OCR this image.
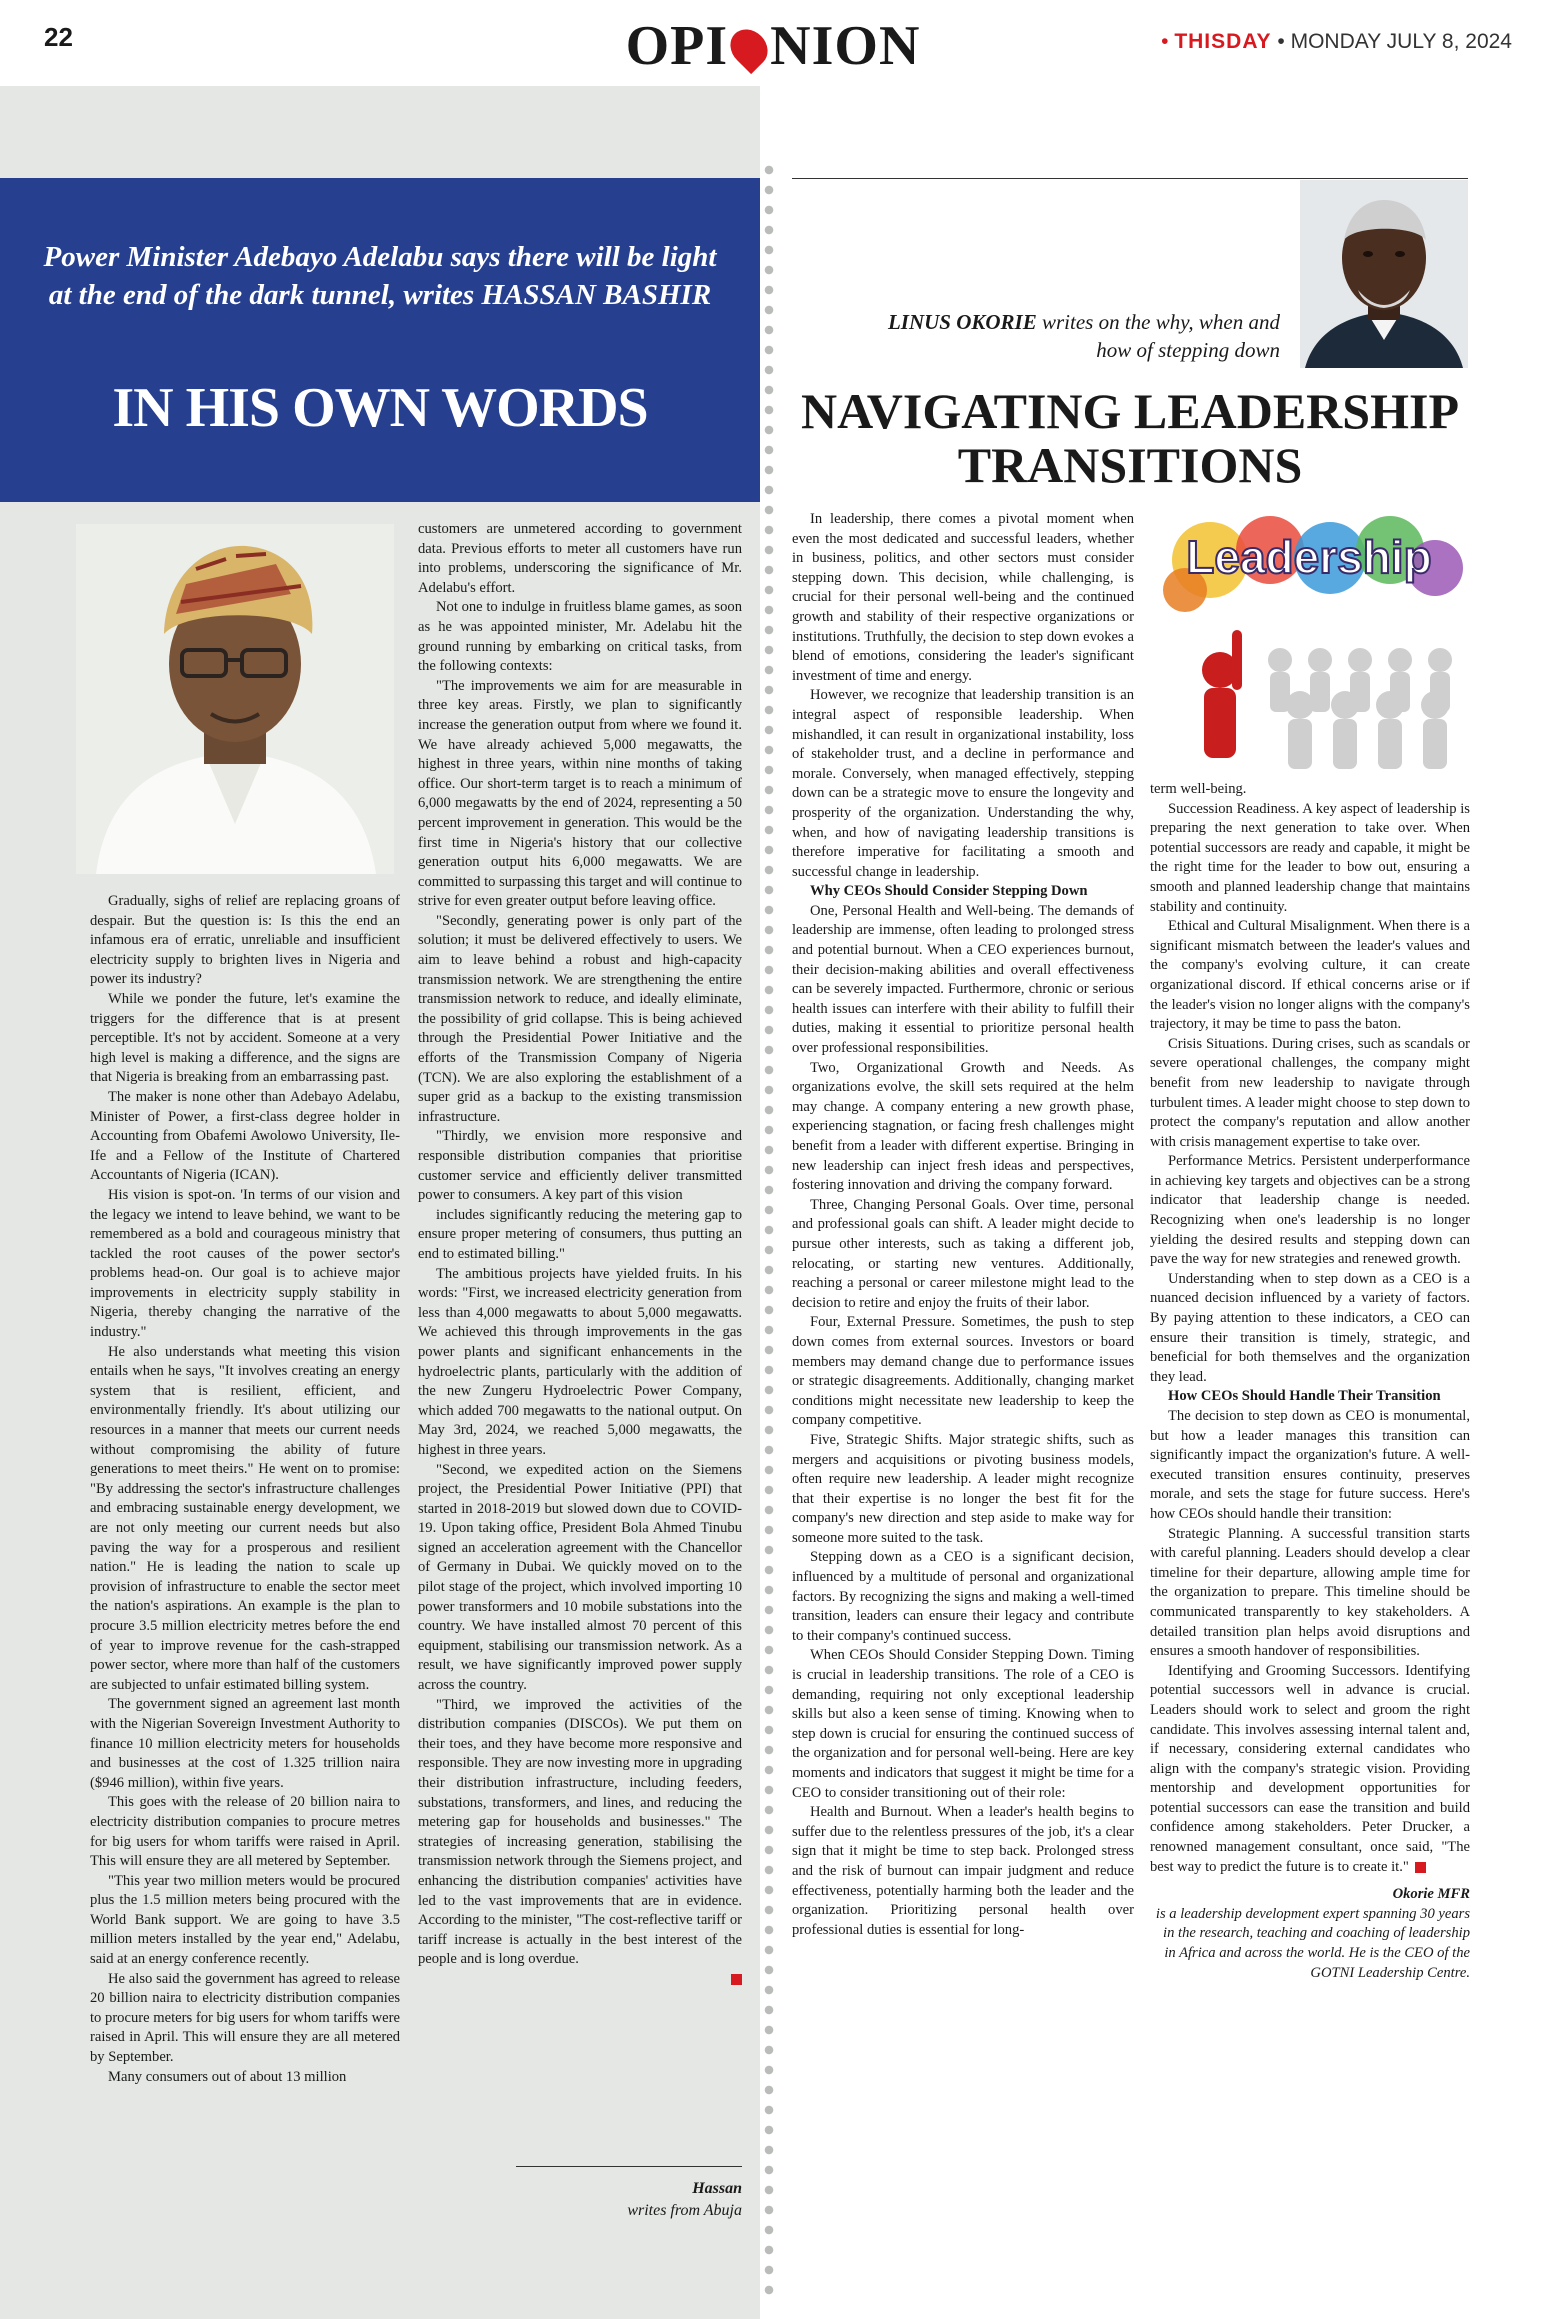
22	OPI NION	• THISDAY • MONDAY JULY 8, 2024
Power Minister Adebayo Adelabu says there will be light at the end of the dark tunnel, writes HASSAN BASHIR
IN HIS OWN WORDS

Gradually, sighs of relief are replacing groans of despair. But the question is: Is this the end an infamous era of erratic, unreliable and insufficient electricity supply to brighten lives in Nigeria and power its industry?

While we ponder the future, let's examine the triggers for the difference that is at present perceptible. It's not by accident. Someone at a very high level is making a difference, and the signs are that Nigeria is breaking from an embarrassing past.

The maker is none other than Adebayo Adelabu, Minister of Power, a first-class degree holder in Accounting from Obafemi Awolowo University, Ile-Ife and a Fellow of the Institute of Chartered Accountants of Nigeria (ICAN).

His vision is spot-on. 'In terms of our vision and the legacy we intend to leave behind, we want to be remembered as a bold and courageous ministry that tackled the root causes of the power sector's problems head-on. Our goal is to achieve major improvements in electricity supply stability in Nigeria, thereby changing the narrative of the industry."

He also understands what meeting this vision entails when he says, "It involves creating an energy system that is resilient, efficient, and environmentally friendly. It's about utilizing our resources in a manner that meets our current needs without compromising the ability of future generations to meet theirs." He went on to promise: "By addressing the sector's infrastructure challenges and embracing sustainable energy development, we are not only meeting our current needs but also paving the way for a prosperous and resilient nation." He is leading the nation to scale up provision of infrastructure to enable the sector meet the nation's aspirations. An example is the plan to procure 3.5 million electricity metres before the end of year to improve revenue for the cash-strapped power sector, where more than half of the customers are subjected to unfair estimated billing system.

The government signed an agreement last month with the Nigerian Sovereign Investment Authority to finance 10 million electricity meters for households and businesses at the cost of 1.325 trillion naira ($946 million), within five years.

This goes with the release of 20 billion naira to electricity distribution companies to procure metres for big users for whom tariffs were raised in April. This will ensure they are all metered by September.

"This year two million meters would be procured plus the 1.5 million meters being procured with the World Bank support. We are going to have 3.5 million meters installed by the year end," Adelabu, said at an energy conference recently.

He also said the government has agreed to release 20 billion naira to electricity distribution companies to procure meters for big users for whom tariffs were raised in April. This will ensure they are all metered by September.

Many consumers out of about 13 million

customers are unmetered according to government data. Previous efforts to meter all customers have run into problems, underscoring the significance of Mr. Adelabu's effort.

Not one to indulge in fruitless blame games, as soon as he was appointed minister, Mr. Adelabu hit the ground running by embarking on critical tasks, from the following contexts:

"The improvements we aim for are measurable in three key areas. Firstly, we plan to significantly increase the generation output from where we found it. We have already achieved 5,000 megawatts, the highest in three years, within nine months of taking office. Our short-term target is to reach a minimum of 6,000 megawatts by the end of 2024, representing a 50 percent improvement in generation. This would be the first time in Nigeria's history that our collective generation output hits 6,000 megawatts. We are committed to surpassing this target and will continue to strive for even greater output before leaving office.

"Secondly, generating power is only part of the solution; it must be delivered effectively to users. We aim to leave behind a robust and high-capacity transmission network. We are strengthening the entire transmission network to reduce, and ideally eliminate, the possibility of grid collapse. This is being achieved through the Presidential Power Initiative and the efforts of the Transmission Company of Nigeria (TCN). We are also exploring the establishment of a super grid as a backup to the existing transmission infrastructure.

"Thirdly, we envision more responsive and responsible distribution companies that prioritise customer service and efficiently deliver transmitted power to consumers. A key part of this vision

includes significantly reducing the metering gap to ensure proper metering of consumers, thus putting an end to estimated billing."

The ambitious projects have yielded fruits. In his words: "First, we increased electricity generation from less than 4,000 megawatts to about 5,000 megawatts. We achieved this through improvements in the gas power plants and significant enhancements in the hydroelectric plants, particularly with the addition of the new Zungeru Hydroelectric Power Company, which added 700 megawatts to the national output. On May 3rd, 2024, we reached 5,000 megawatts, the highest in three years.

"Second, we expedited action on the Siemens project, the Presidential Power Initiative (PPI) that started in 2018-2019 but slowed down due to COVID-19. Upon taking office, President Bola Ahmed Tinubu signed an acceleration agreement with the Chancellor of Germany in Dubai. We quickly moved on to the pilot stage of the project, which involved importing 10 power transformers and 10 mobile substations into the country. We have installed almost 70 percent of this equipment, stabilising our transmission network. As a result, we have significantly improved power supply across the country.

"Third, we improved the activities of the distribution companies (DISCOs). We put them on their toes, and they have become more responsive and responsible. They are now investing more in upgrading their distribution infrastructure, including feeders, substations, transformers, and lines, and reducing the metering gap for households and businesses." The strategies of increasing generation, stabilising the transmission network through the Siemens project, and enhancing the distribution companies' activities have led to the vast improvements that are in evidence. According to the minister, "The cost-reflective tariff or tariff increase is actually in the best interest of the people and is long overdue.

Hassan
writes from Abuja
LINUS OKORIE writes on the why, when and how of stepping down
NAVIGATING LEADERSHIP
TRANSITIONS
Leadership

In leadership, there comes a pivotal moment when even the most dedicated and successful leaders, whether in business, politics, and other sectors must consider stepping down. This decision, while challenging, is crucial for their personal well-being and the continued growth and stability of their respective organizations or institutions. Truthfully, the decision to step down evokes a blend of emotions, considering the leader's significant investment of time and energy.

However, we recognize that leadership transition is an integral aspect of responsible leadership. When mishandled, it can result in organizational instability, loss of stakeholder trust, and a decline in performance and morale. Conversely, when managed effectively, stepping down can be a strategic move to ensure the longevity and prosperity of the organization. Understanding the why, when, and how of navigating leadership transitions is therefore imperative for facilitating a smooth and successful change in leadership.

Why CEOs Should Consider Stepping Down

One, Personal Health and Well-being. The demands of leadership are immense, often leading to prolonged stress and potential burnout. When a CEO experiences burnout, their decision-making abilities and overall effectiveness can be severely impacted. Furthermore, chronic or serious health issues can interfere with their ability to fulfill their duties, making it essential to prioritize personal health over professional responsibilities.

Two, Organizational Growth and Needs. As organizations evolve, the skill sets required at the helm may change. A company entering a new growth phase, experiencing stagnation, or facing fresh challenges might benefit from a leader with different expertise. Bringing in new leadership can inject fresh ideas and perspectives, fostering innovation and driving the company forward.

Three, Changing Personal Goals. Over time, personal and professional goals can shift. A leader might decide to pursue other interests, such as taking a different job, relocating, or starting new ventures. Additionally, reaching a personal or career milestone might lead to the decision to retire and enjoy the fruits of their labor.

Four, External Pressure. Sometimes, the push to step down comes from external sources. Investors or board members may demand change due to performance issues or strategic disagreements. Additionally, changing market conditions might necessitate new leadership to keep the company competitive.

Five, Strategic Shifts. Major strategic shifts, such as mergers and acquisitions or pivoting business models, often require new leadership. A leader might recognize that their expertise is no longer the best fit for the company's new direction and step aside to make way for someone more suited to the task.

Stepping down as a CEO is a significant decision, influenced by a multitude of personal and organizational factors. By recognizing the signs and making a well-timed transition, leaders can ensure their legacy and contribute to their company's continued success.

When CEOs Should Consider Stepping Down. Timing is crucial in leadership transitions. The role of a CEO is demanding, requiring not only exceptional leadership skills but also a keen sense of timing. Knowing when to step down is crucial for ensuring the continued success of the organization and for personal well-being. Here are key moments and indicators that suggest it might be time for a CEO to consider transitioning out of their role:

Health and Burnout. When a leader's health begins to suffer due to the relentless pressures of the job, it's a clear sign that it might be time to step back. Prolonged stress and the risk of burnout can impair judgment and reduce effectiveness, potentially harming both the leader and the organization. Prioritizing personal health over professional duties is essential for long-

term well-being.

Succession Readiness. A key aspect of leadership is preparing the next generation to take over. When potential successors are ready and capable, it might be the right time for the leader to bow out, ensuring a smooth and planned leadership change that maintains stability and continuity.

Ethical and Cultural Misalignment. When there is a significant mismatch between the leader's values and the company's evolving culture, it can create organizational discord. If ethical concerns arise or if the leader's vision no longer aligns with the company's trajectory, it may be time to pass the baton.

Crisis Situations. During crises, such as scandals or severe operational challenges, the company might benefit from new leadership to navigate through turbulent times. A leader might choose to step down to protect the company's reputation and allow another with crisis management expertise to take over.

Performance Metrics. Persistent underperformance in achieving key targets and objectives can be a strong indicator that leadership change is needed. Recognizing when one's leadership is no longer yielding the desired results and stepping down can pave the way for new strategies and renewed growth.

Understanding when to step down as a CEO is a nuanced decision influenced by a variety of factors. By paying attention to these indicators, a CEO can ensure their transition is timely, strategic, and beneficial for both themselves and the organization they lead.

How CEOs Should Handle Their Transition

The decision to step down as CEO is monumental, but how a leader manages this transition can significantly impact the organization's future. A well-executed transition ensures continuity, preserves morale, and sets the stage for future success. Here's how CEOs should handle their transition:

Strategic Planning. A successful transition starts with careful planning. Leaders should develop a clear timeline for their departure, allowing ample time for the organization to prepare. This timeline should be communicated transparently to key stakeholders. A detailed transition plan helps avoid disruptions and ensures a smooth handover of responsibilities.

Identifying and Grooming Successors. Identifying potential successors well in advance is crucial. Leaders should work to select and groom the right candidate. This involves assessing internal talent and, if necessary, considering external candidates who align with the company's strategic vision. Providing mentorship and development opportunities for potential successors can ease the transition and build confidence among stakeholders. Peter Drucker, a renowned management consultant, once said, "The best way to predict the future is to create it."

Okorie MFR

is a leadership development expert spanning 30 years in the research, teaching and coaching of leadership in Africa and across the world. He is the CEO of the GOTNI Leadership Centre.
